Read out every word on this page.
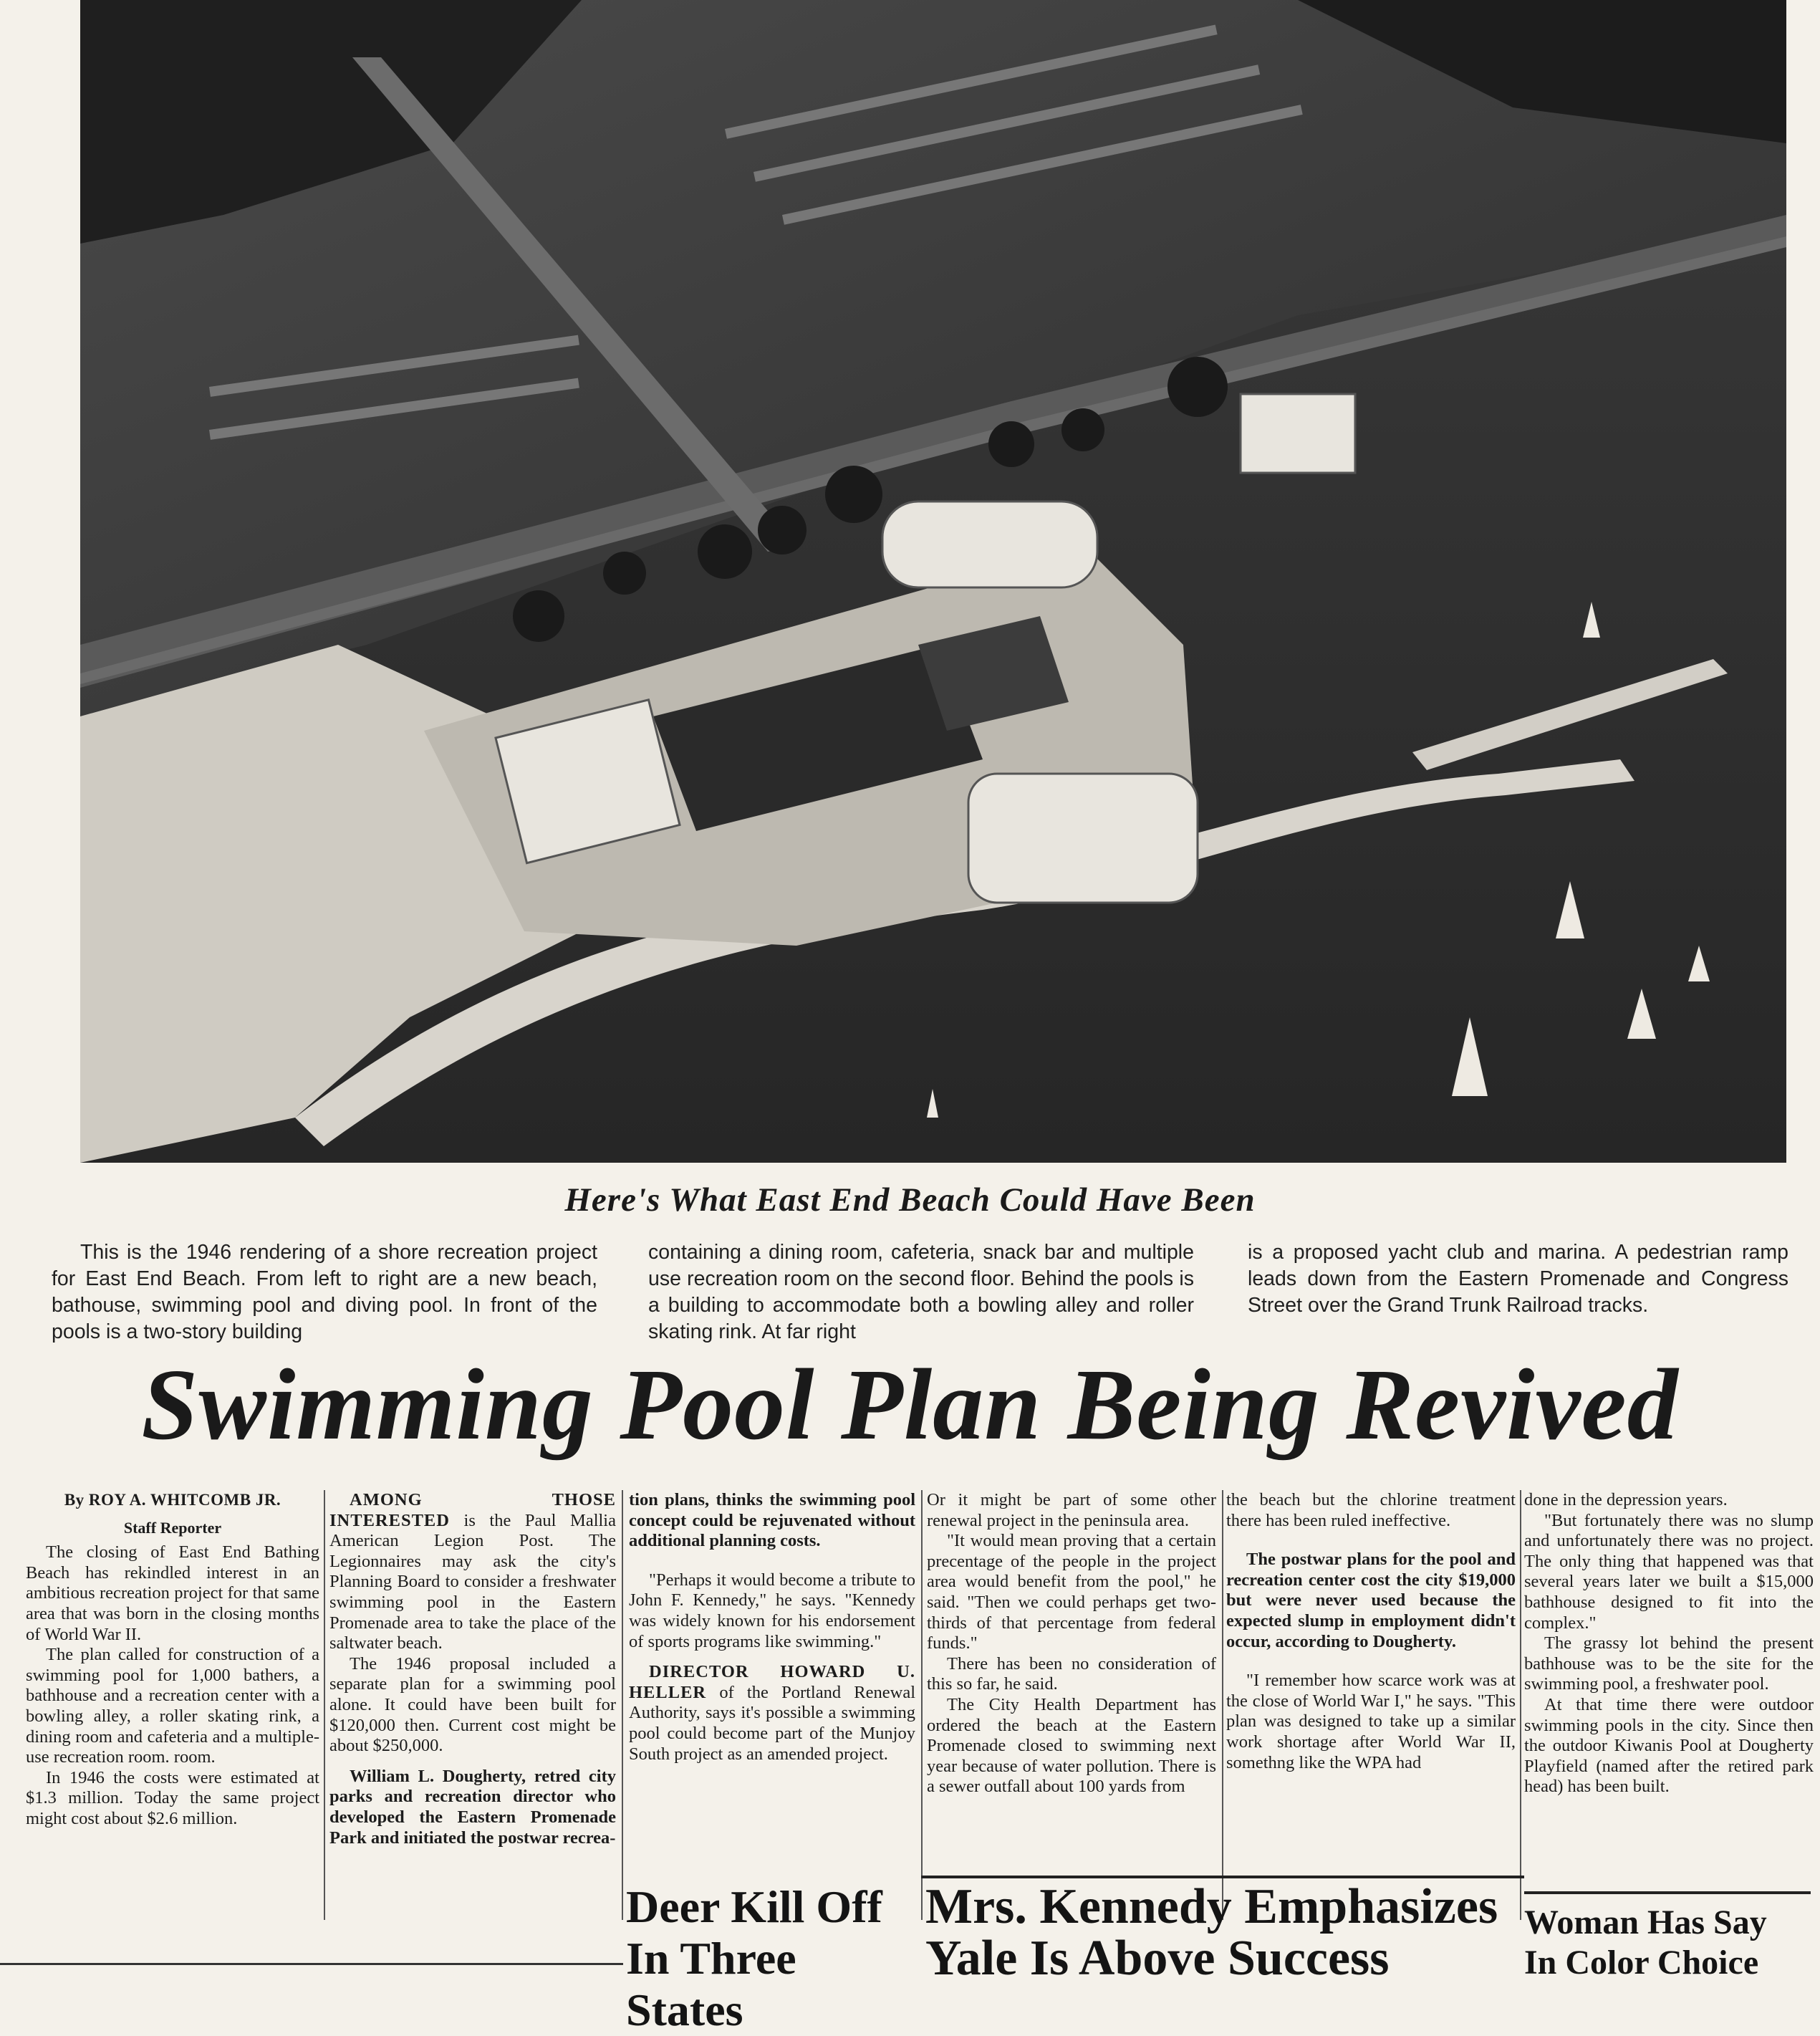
Here's What East End Beach Could Have Been
This is the 1946 rendering of a shore recreation project for East End Beach. From left to right are a new beach, bathouse, swimming pool and diving pool. In front of the pools is a two-story building
containing a dining room, cafeteria, snack bar and multiple use recreation room on the second floor. Behind the pools is a building to accommodate both a bowling alley and roller skating rink. At far right
is a proposed yacht club and marina. A pedestrian ramp leads down from the Eastern Promenade and Congress Street over the Grand Trunk Railroad tracks.
Swimming Pool Plan Being Revived

By ROY A. WHITCOMB JR.

Staff Reporter

The closing of East End Bathing Beach has rekindled interest in an ambitious recreation project for that same area that was born in the closing months of World War II.

The plan called for construction of a swimming pool for 1,000 bathers, a bathhouse and a recreation center with a bowling alley, a roller skating rink, a dining room and cafeteria and a multiple-use recreation room. room.

In 1946 the costs were estimated at $1.3 million. Today the same project might cost about $2.6 million.

AMONG THOSE INTERESTED is the Paul Mallia American Legion Post. The Legionnaires may ask the city's Planning Board to consider a freshwater swimming pool in the Eastern Promenade area to take the place of the saltwater beach.

The 1946 proposal included a separate plan for a swimming pool alone. It could have been built for $120,000 then. Current cost might be about $250,000.

William L. Dougherty, retred city parks and recreation director who developed the Eastern Promenade Park and initiated the postwar recrea-

tion plans, thinks the swimming pool concept could be rejuvenated without additional planning costs.

"Perhaps it would become a tribute to John F. Kennedy," he says. "Kennedy was widely known for his endorsement of sports programs like swimming."

DIRECTOR HOWARD U. HELLER of the Portland Renewal Authority, says it's possible a swimming pool could become part of the Munjoy South project as an amended project.

Or it might be part of some other renewal project in the peninsula area.

"It would mean proving that a certain precentage of the people in the project area would benefit from the pool," he said. "Then we could perhaps get two-thirds of that percentage from federal funds."

There has been no consideration of this so far, he said.

The City Health Department has ordered the beach at the Eastern Promenade closed to swimming next year because of water pollution. There is a sewer outfall about 100 yards from

the beach but the chlorine treatment there has been ruled ineffective.

The postwar plans for the pool and recreation center cost the city $19,000 but were never used because the expected slump in employment didn't occur, according to Dougherty.

"I remember how scarce work was at the close of World War I," he says. "This plan was designed to take up a similar work shortage after World War II, somethng like the WPA had

done in the depression years.

"But fortunately there was no slump and unfortunately there was no project. The only thing that happened was that several years later we built a $15,000 bathhouse designed to fit into the complex."

The grassy lot behind the present bathhouse was to be the site for the swimming pool, a freshwater pool.

At that time there were outdoor swimming pools in the city. Since then the outdoor Kiwanis Pool at Dougherty Playfield (named after the retired park head) has been built.

Deer Kill Off
In Three States
Mrs. Kennedy Emphasizes
Yale Is Above Success
Woman Has Say
In Color Choice
